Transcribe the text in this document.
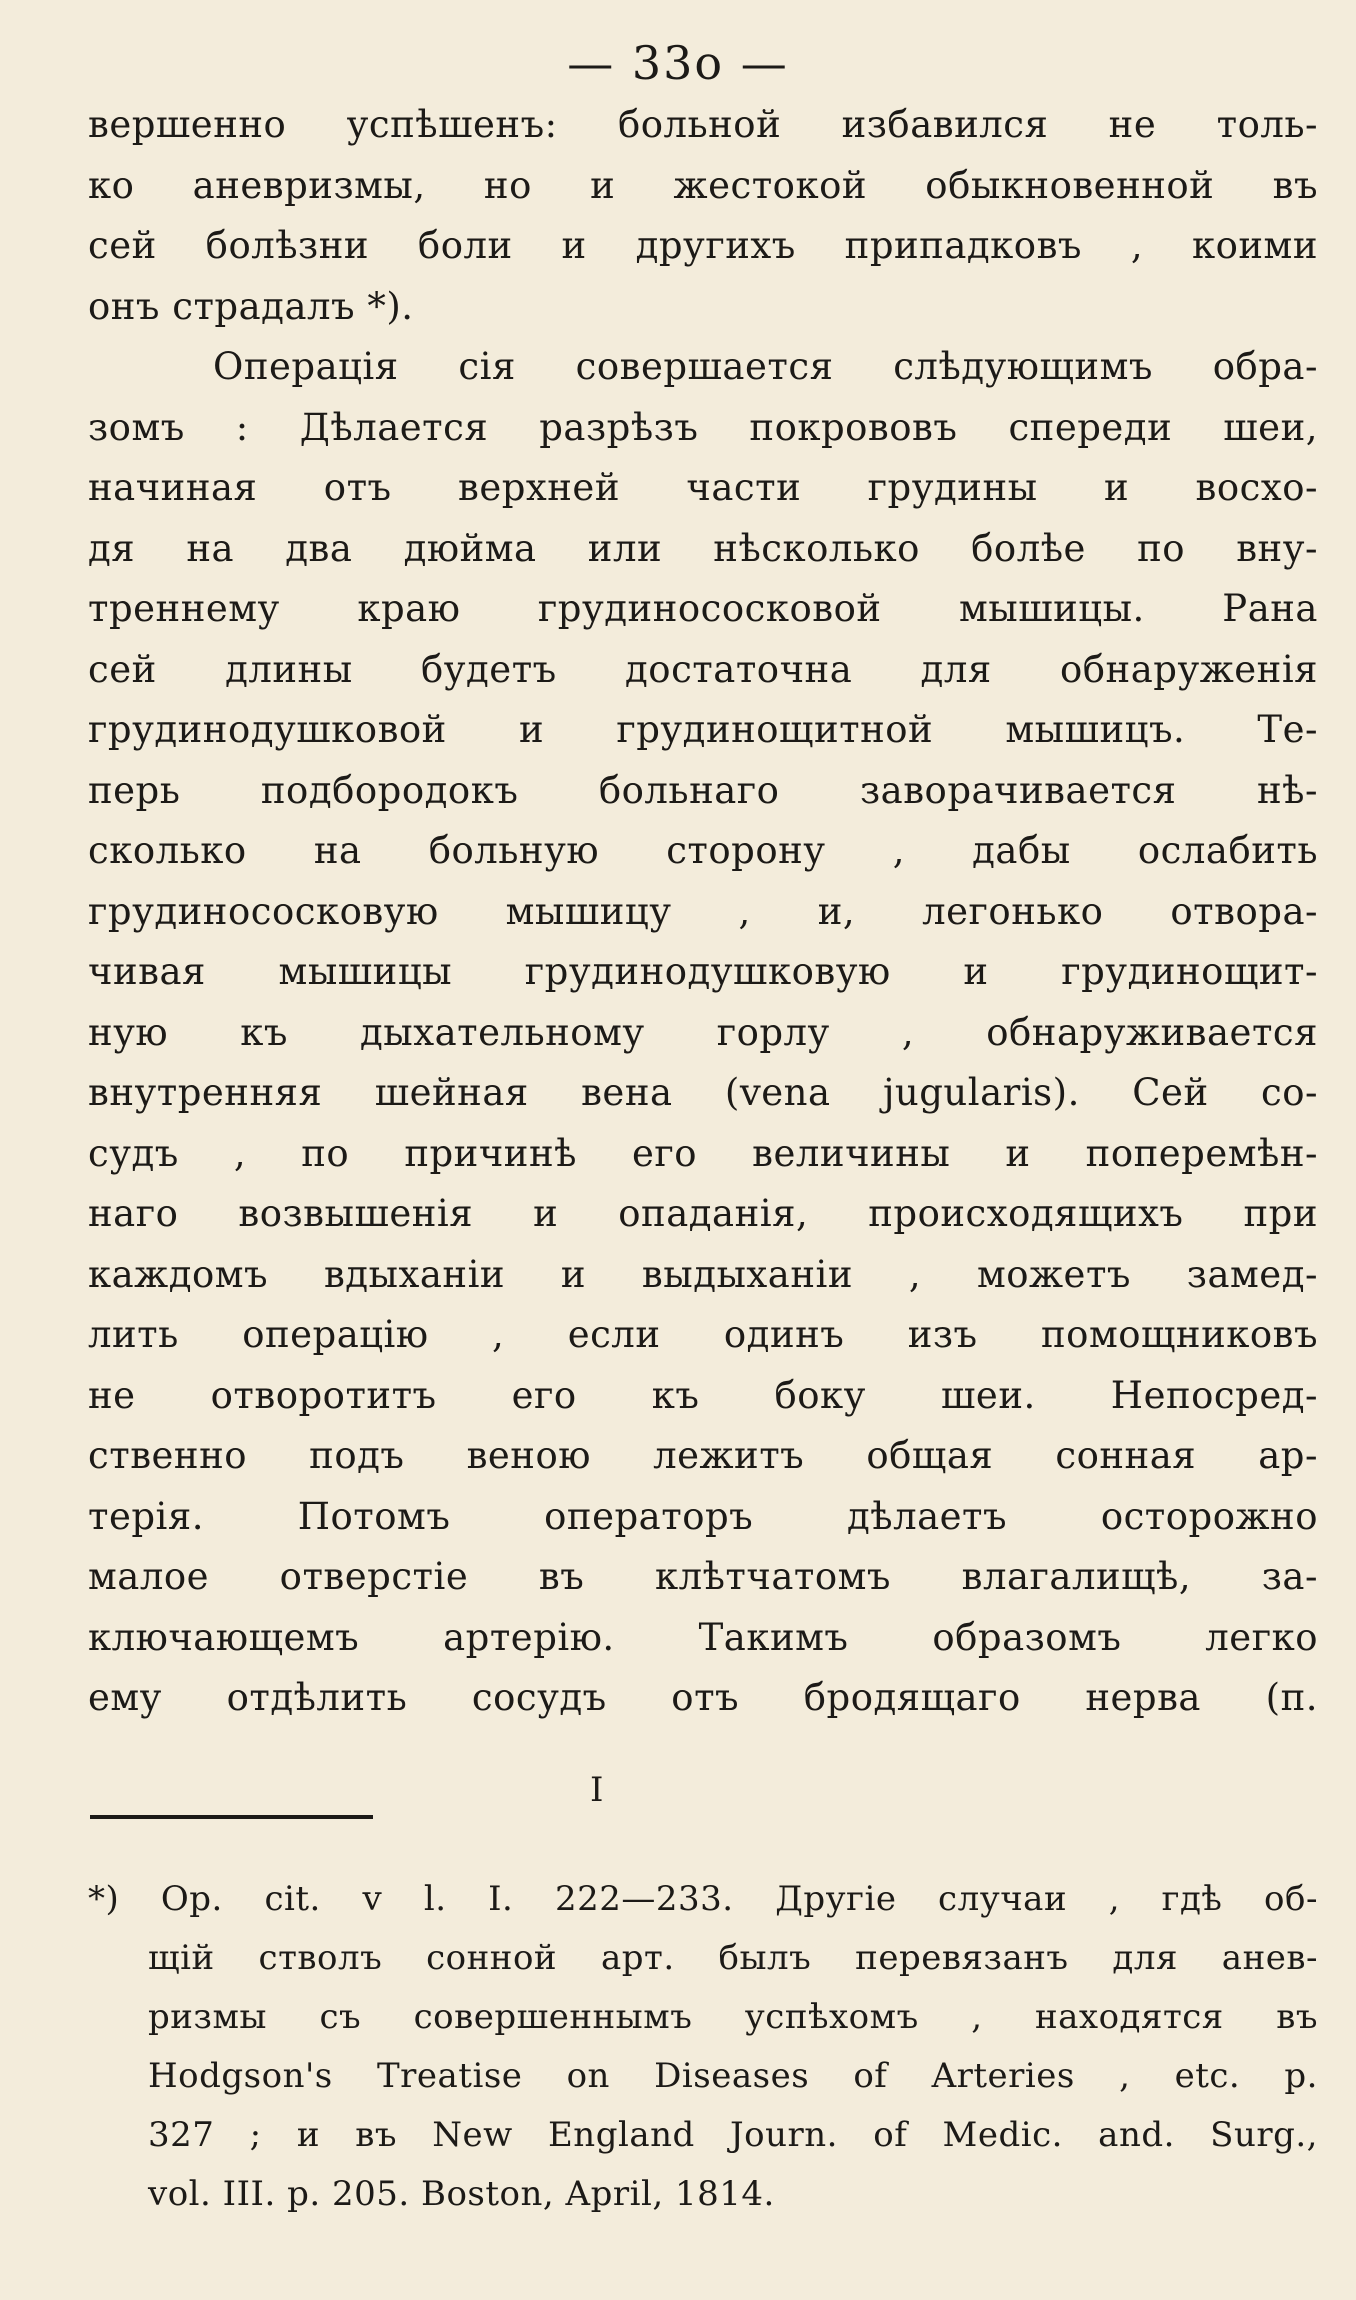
— 33о —
вершенно успѣшенъ: больной избавился не толь-
ко аневризмы, но и жестокой обыкновенной въ
сей болѣзни боли и другихъ припадковъ , коими
онъ страдалъ *).
Операція сія совершается слѣдующимъ обра-
зомъ : Дѣлается разрѣзъ покрововъ спереди шеи,
начиная отъ верхней части грудины и восхо-
дя на два дюйма или нѣсколько болѣе по вну-
треннему краю грудинососковой мышицы. Рана
сей длины будетъ достаточна для обнаруженія
грудинодушковой и грудинощитной мышицъ. Те-
перь подбородокъ больнаго заворачивается нѣ-
сколько на больную сторону , дабы ослабить
грудинососковую мышицу , и, легонько отвора-
чивая мышицы грудинодушковую и грудинощит-
ную къ дыхательному горлу , обнаруживается
внутренняя шейная вена (vena jugularis). Сей со-
судъ , по причинѣ его величины и поперемѣн-
наго возвышенія и опаданія, происходящихъ при
каждомъ вдыханіи и выдыханіи , можетъ замед-
лить операцію , если одинъ изъ помощниковъ
не отворотитъ его къ боку шеи. Непосред-
ственно подъ веною лежитъ общая сонная ар-
терія. Потомъ операторъ дѣлаетъ осторожно
малое отверстіе въ клѣтчатомъ влагалищѣ, за-
ключающемъ артерію. Такимъ образомъ легко
ему отдѣлить сосудъ отъ бродящаго нерва (п.
I
*) Op. cit. v l. I. 222—233. Другіе случаи , гдѣ об-
щій стволъ сонной арт. былъ перевязанъ для анев-
ризмы съ совершеннымъ успѣхомъ , находятся въ
Hodgson's Treatise on Diseases of Arteries , etc. p.
327 ; и въ New England Journ. of Medic. and. Surg.,
vol. III. p. 205. Boston, April, 1814.
